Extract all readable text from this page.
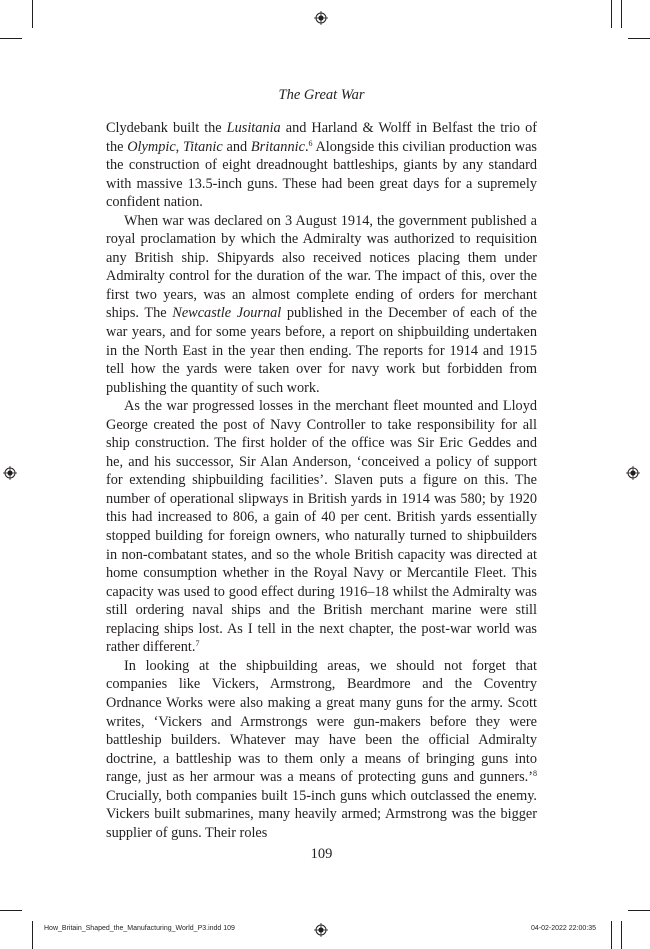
The Great War

Clydebank built the Lusitania and Harland & Wolff in Belfast the trio of the Olympic, Titanic and Britannic.$^6$ Alongside this civilian production was the construction of eight dreadnought battleships, giants by any standard with massive 13.5-inch guns. These had been great days for a supremely confident nation.

When war was declared on 3 August 1914, the government published a royal proclamation by which the Admiralty was authorized to requisition any British ship. Shipyards also received notices placing them under Admiralty control for the duration of the war. The impact of this, over the first two years, was an almost complete ending of orders for merchant ships. The Newcastle Journal published in the December of each of the war years, and for some years before, a report on shipbuilding undertaken in the North East in the year then ending. The reports for 1914 and 1915 tell how the yards were taken over for navy work but forbidden from publishing the quantity of such work.

As the war progressed losses in the merchant fleet mounted and Lloyd George created the post of Navy Controller to take responsibility for all ship construction. The first holder of the office was Sir Eric Geddes and he, and his successor, Sir Alan Anderson, ‘conceived a policy of support for extending shipbuilding facilities’. Slaven puts a figure on this. The number of operational slipways in British yards in 1914 was 580; by 1920 this had increased to 806, a gain of 40 per cent. British yards essentially stopped building for foreign owners, who naturally turned to shipbuilders in non-combatant states, and so the whole British capacity was directed at home consumption whether in the Royal Navy or Mercantile Fleet. This capacity was used to good effect during 1916–18 whilst the Admiralty was still ordering naval ships and the British merchant marine were still replacing ships lost. As I tell in the next chapter, the post-war world was rather different.$^7$

In looking at the shipbuilding areas, we should not forget that companies like Vickers, Armstrong, Beardmore and the Coventry Ordnance Works were also making a great many guns for the army. Scott writes, ‘Vickers and Armstrongs were gun-makers before they were battleship builders. Whatever may have been the official Admiralty doctrine, a battleship was to them only a means of bringing guns into range, just as her armour was a means of protecting guns and gunners.’$^8$ Crucially, both companies built 15-inch guns which outclassed the enemy. Vickers built submarines, many heavily armed; Armstrong was the bigger supplier of guns. Their roles

109
How_Britain_Shaped_the_Manufacturing_World_P3.indd 109	04-02-2022 22:00:35
